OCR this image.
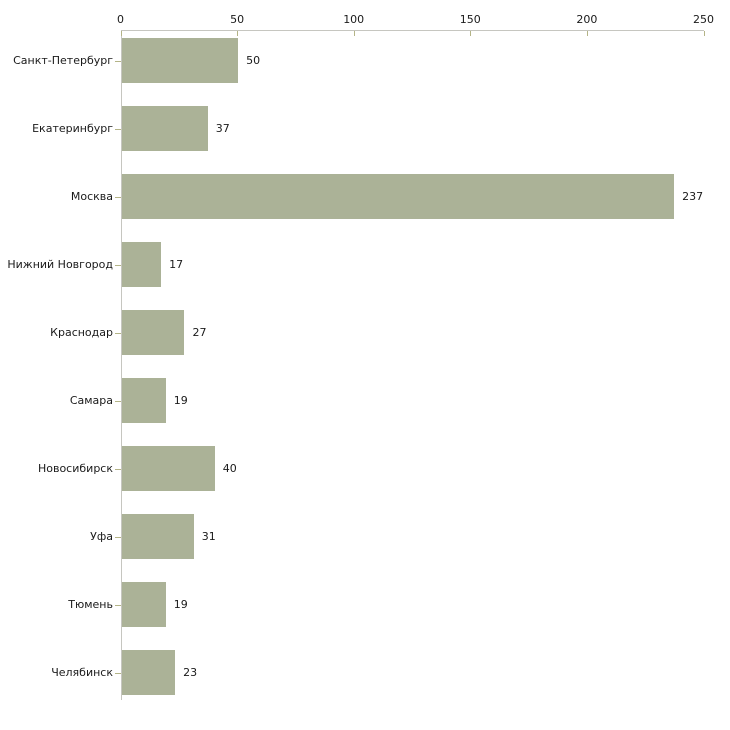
0	50	100	150	200	250
Санкт-Петербург	50
Екатеринбург	37
Москва	237
Нижний Новгород	17
Краснодар	27
Самара	19
Новосибирск	40
Уфа	31
Тюмень	19
Челябинск	23
